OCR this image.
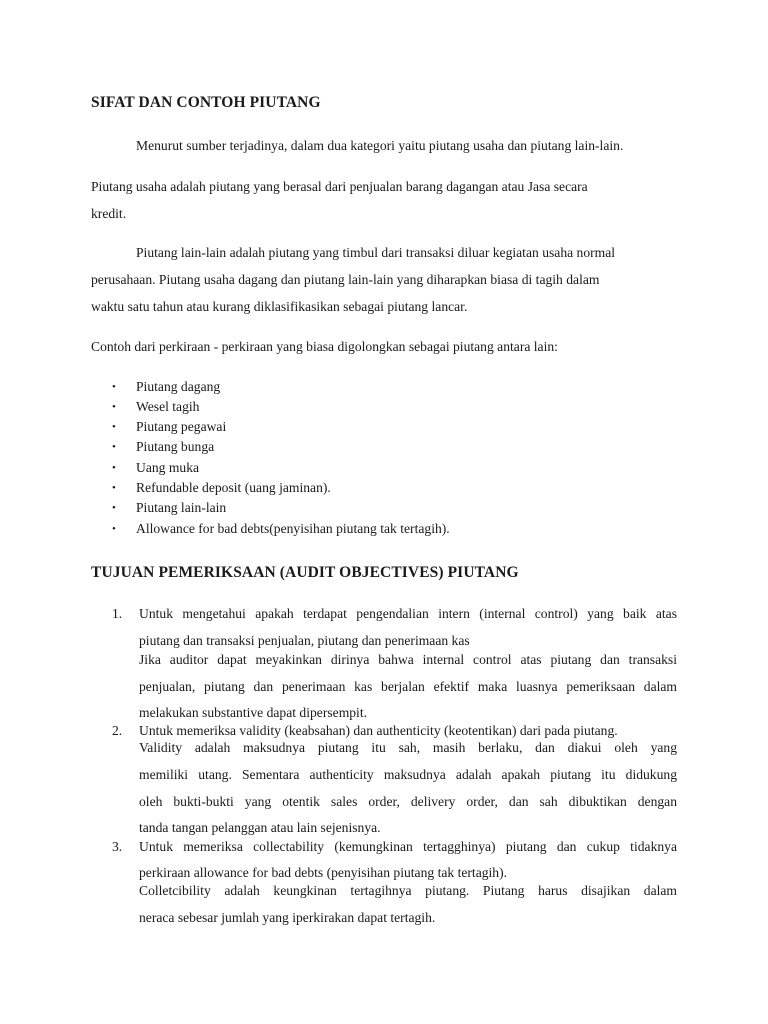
SIFAT DAN CONTOH PIUTANG
Menurut sumber terjadinya, dalam dua kategori yaitu piutang usaha dan piutang lain-lain.
Piutang usaha adalah piutang yang berasal dari penjualan barang dagangan atau Jasa secara
kredit.
Piutang lain-lain adalah piutang yang timbul dari transaksi diluar kegiatan usaha normal
perusahaan. Piutang usaha dagang dan piutang lain-lain yang diharapkan biasa di tagih dalam
waktu satu tahun atau kurang diklasifikasikan sebagai piutang lancar.
Contoh dari perkiraan - perkiraan yang biasa digolongkan sebagai piutang antara lain:
• Piutang dagang
• Wesel tagih
• Piutang pegawai
• Piutang bunga
• Uang muka
• Refundable deposit (uang jaminan).
• Piutang lain-lain
• Allowance for bad debts(penyisihan piutang tak tertagih).
TUJUAN PEMERIKSAAN (AUDIT OBJECTIVES) PIUTANG
1. Untuk mengetahui apakah terdapat pengendalian intern (internal control) yang baik atas
piutang dan transaksi penjualan, piutang dan penerimaan kas
Jika auditor dapat meyakinkan dirinya bahwa internal control atas piutang dan transaksi
penjualan, piutang dan penerimaan kas berjalan efektif maka luasnya pemeriksaan dalam
melakukan substantive dapat dipersempit.
2. Untuk memeriksa validity (keabsahan) dan authenticity (keotentikan) dari pada piutang.
Validity adalah maksudnya piutang itu sah, masih berlaku, dan diakui oleh yang
memiliki utang. Sementara authenticity maksudnya adalah apakah piutang itu didukung
oleh bukti-bukti yang otentik sales order, delivery order, dan sah dibuktikan dengan
tanda tangan pelanggan atau lain sejenisnya.
3. Untuk memeriksa collectability (kemungkinan tertagghinya) piutang dan cukup tidaknya
perkiraan allowance for bad debts (penyisihan piutang tak tertagih).
Colletcibility adalah keungkinan tertagihnya piutang. Piutang harus disajikan dalam
neraca sebesar jumlah yang iperkirakan dapat tertagih.
